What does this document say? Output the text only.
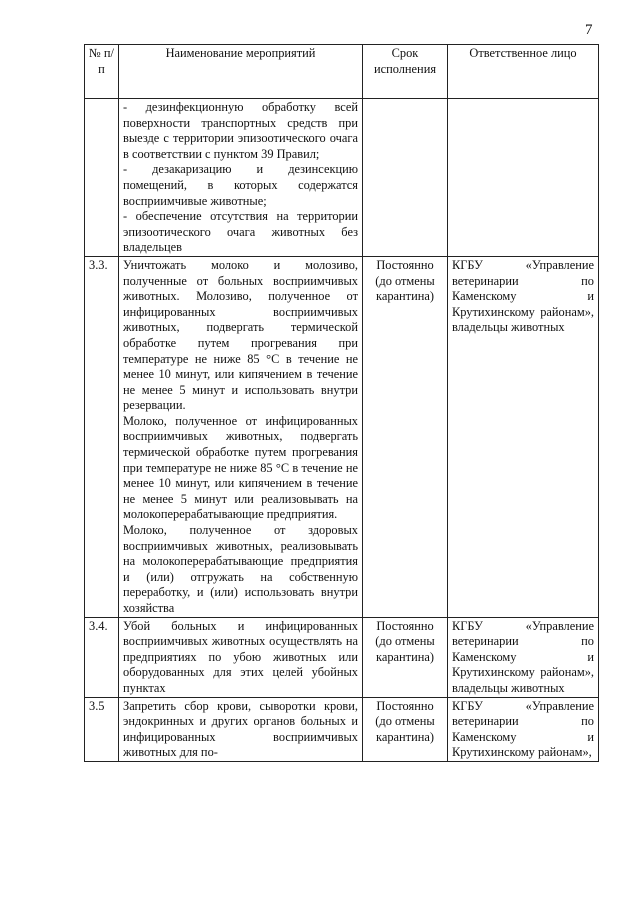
7
№ п/п	Наименование мероприятий	Срок исполнения	Ответственное лицо

	- дезинфекционную обработку всей поверхности транспортных средств при выезде с территории эпизоотического очага в соответствии с пунктом 39 Правил;
- дезакаризацию и дезинсекцию помещений, в которых содержатся восприимчивые животные;
- обеспечение отсутствия на территории эпизоотического очага животных без владельцев		

3.3.	Уничтожать молоко и молозиво, полученные от больных восприимчивых животных. Молозиво, полученное от инфицированных восприимчивых животных, подвергать термической обработке путем прогревания при температуре не ниже 85 °С в течение не менее 10 минут, или кипячением в течение не менее 5 минут и использовать внутри резервации.
Молоко, полученное от инфицированных восприимчивых животных, подвергать термической обработке путем прогревания при температуре не ниже 85 °С в течение не менее 10 минут, или кипячением в течение не менее 5 минут или реализовывать на молокоперерабатывающие предприятия.
Молоко, полученное от здоровых восприимчивых животных, реализовывать на молокоперерабатывающие предприятия и (или) отгружать на собственную переработку, и (или) использовать внутри хозяйства	Постоянно (до отмены карантина)	КГБУ «Управление ветеринарии по Каменскому и Крутихинскому районам», владельцы животных
3.4.	Убой больных и инфицированных восприимчивых животных осуществлять на предприятиях по убою животных или оборудованных для этих целей убойных пунктах	Постоянно (до отмены карантина)	КГБУ «Управление ветеринарии по Каменскому и Крутихинскому районам», владельцы животных
3.5	Запретить сбор крови, сыворотки крови, эндокринных и других органов больных и инфицированных восприимчивых животных для по-	Постоянно (до отмены карантина)	КГБУ «Управление ветеринарии по Каменскому и Крутихинскому районам»,
